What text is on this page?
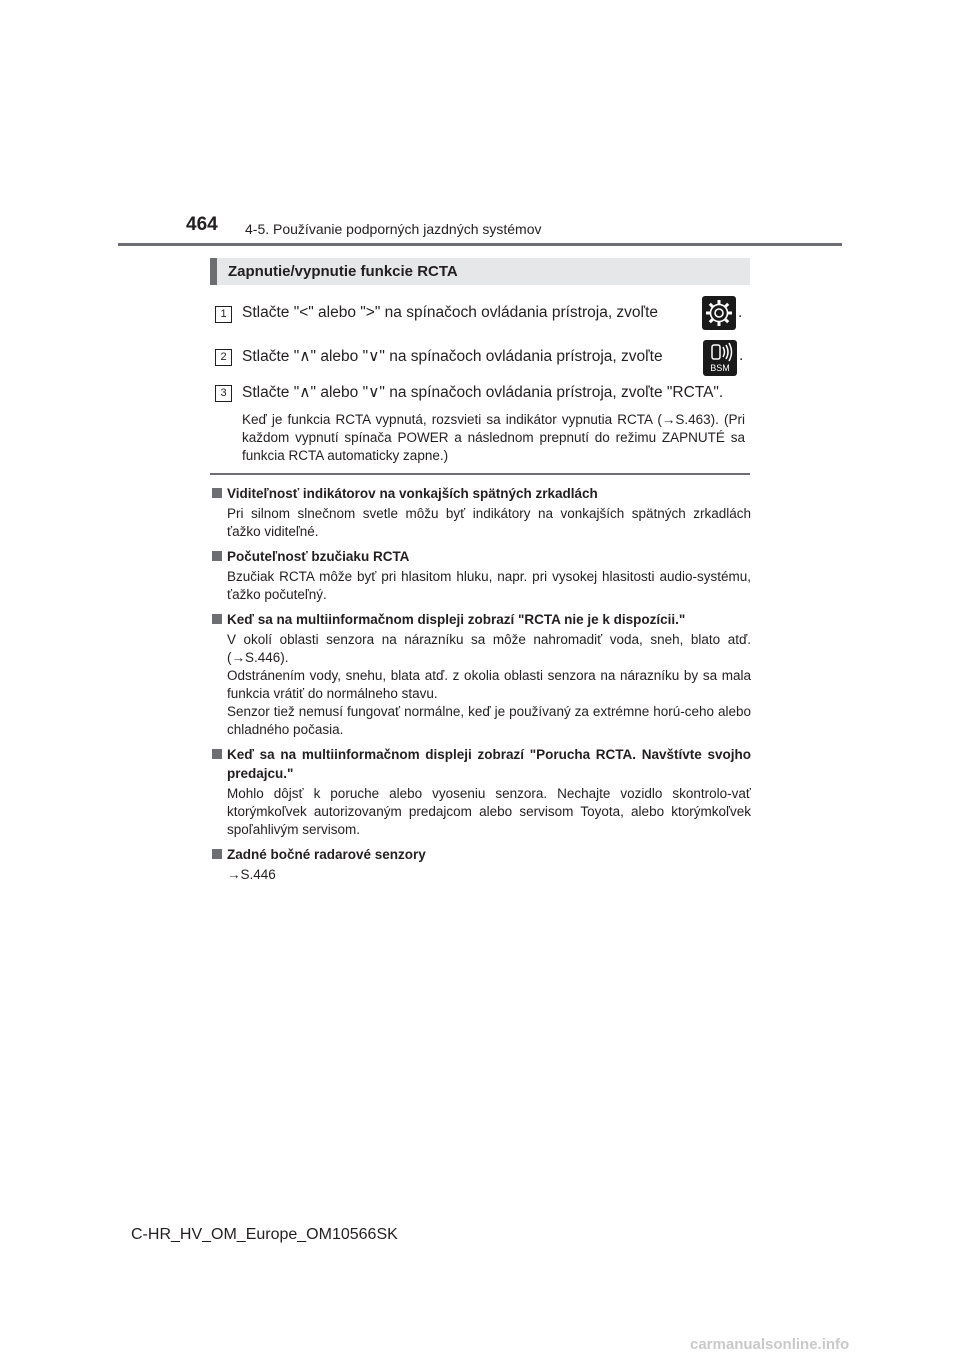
464 4-5. Používanie podporných jazdných systémov
Zapnutie/vypnutie funkcie RCTA
1 Stlačte "<" alebo ">" na spínačoch ovládania prístroja, zvoľte	.
2 Stlačte "∧" alebo "∨" na spínačoch ovládania prístroja, zvoľte
BSM
.
3 Stlačte "∧" alebo "∨" na spínačoch ovládania prístroja, zvoľte "RCTA".
Keď je funkcia RCTA vypnutá, rozsvieti sa indikátor vypnutia RCTA (→S.463). (Pri každom vypnutí spínača POWER a následnom prepnutí do režimu ZAPNUTÉ sa funkcia RCTA automaticky zapne.)
Viditeľnosť indikátorov na vonkajších spätných zrkadlách

Pri silnom slnečnom svetle môžu byť indikátory na vonkajších spätných zrkadlách ťažko viditeľné.

Počuteľnosť bzučiaku RCTA

Bzučiak RCTA môže byť pri hlasitom hluku, napr. pri vysokej hlasitosti audio-systému, ťažko počuteľný.

Keď sa na multiinformačnom displeji zobrazí "RCTA nie je k dispozícii."

V okolí oblasti senzora na nárazníku sa môže nahromadiť voda, sneh, blato atď. (→S.446).

Odstránením vody, snehu, blata atď. z okolia oblasti senzora na nárazníku by sa mala funkcia vrátiť do normálneho stavu.

Senzor tiež nemusí fungovať normálne, keď je používaný za extrémne horú-ceho alebo chladného počasia.

Keď sa na multiinformačnom displeji zobrazí "Porucha RCTA. Navštívte svojho predajcu."

Mohlo dôjsť k poruche alebo vyoseniu senzora. Nechajte vozidlo skontrolo-vať ktorýmkoľvek autorizovaným predajcom alebo servisom Toyota, alebo ktorýmkoľvek spoľahlivým servisom.

Zadné bočné radarové senzory

→S.446

C-HR_HV_OM_Europe_OM10566SK
carmanualsonline.info
